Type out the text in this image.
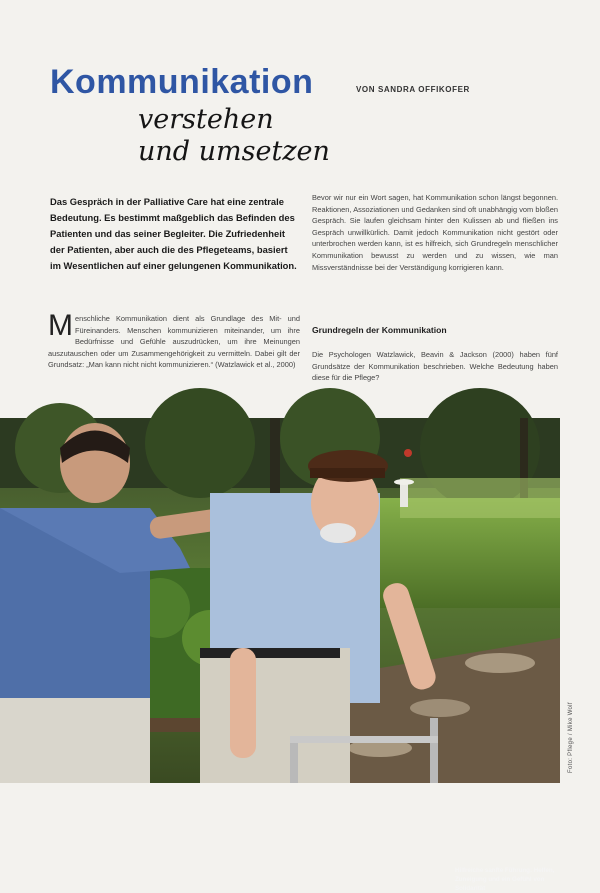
Kommunikation	VON SANDRA OFFIKOFER
verstehen
und umsetzen
Das Gespräch in der Palliative Care hat eine zentrale Bedeutung. Es bestimmt maßgeblich das Befinden des Patienten und das seiner Begleiter. Die Zufriedenheit der Patienten, aber auch die des Pflegeteams, basiert im Wesentlichen auf einer gelungenen Kommunikation.
M enschliche Kommunikation dient als Grundlage des Mit- und Füreinanders. Menschen kommunizieren miteinander, um ihre Bedürfnisse und Gefühle auszudrücken, um ihre Meinungen auszutauschen oder um Zusammengehörigkeit zu vermitteln. Dabei gilt der Grundsatz: „Man kann nicht nicht kommunizieren.“ (Watzlawick et al., 2000)
Bevor wir nur ein Wort sagen, hat Kommunikation schon längst begonnen. Reaktionen, Assoziationen und Gedanken sind oft unabhängig vom bloßen Gespräch. Sie laufen gleichsam hinter den Kulissen ab und fließen ins Gespräch unwillkürlich. Damit jedoch Kommunikation nicht gestört oder unterbrochen werden kann, ist es hilfreich, sich Grundregeln menschlicher Kommunikation bewusst zu werden und zu wissen, wie man Missverständnisse bei der Verständigung korrigieren kann.
Grundregeln der Kommunikation
Die Psychologen Watzlawick, Beavin & Jackson (2000) haben fünf Grundsätze der Kommunikation beschrieben. Welche Bedeutung haben diese für die Pflege?
Hilfreiche sanfte Führung: Helfen, Zuneigung und ein Gefühl von Solidarität
Foto: Pflege / Mike Wolf
